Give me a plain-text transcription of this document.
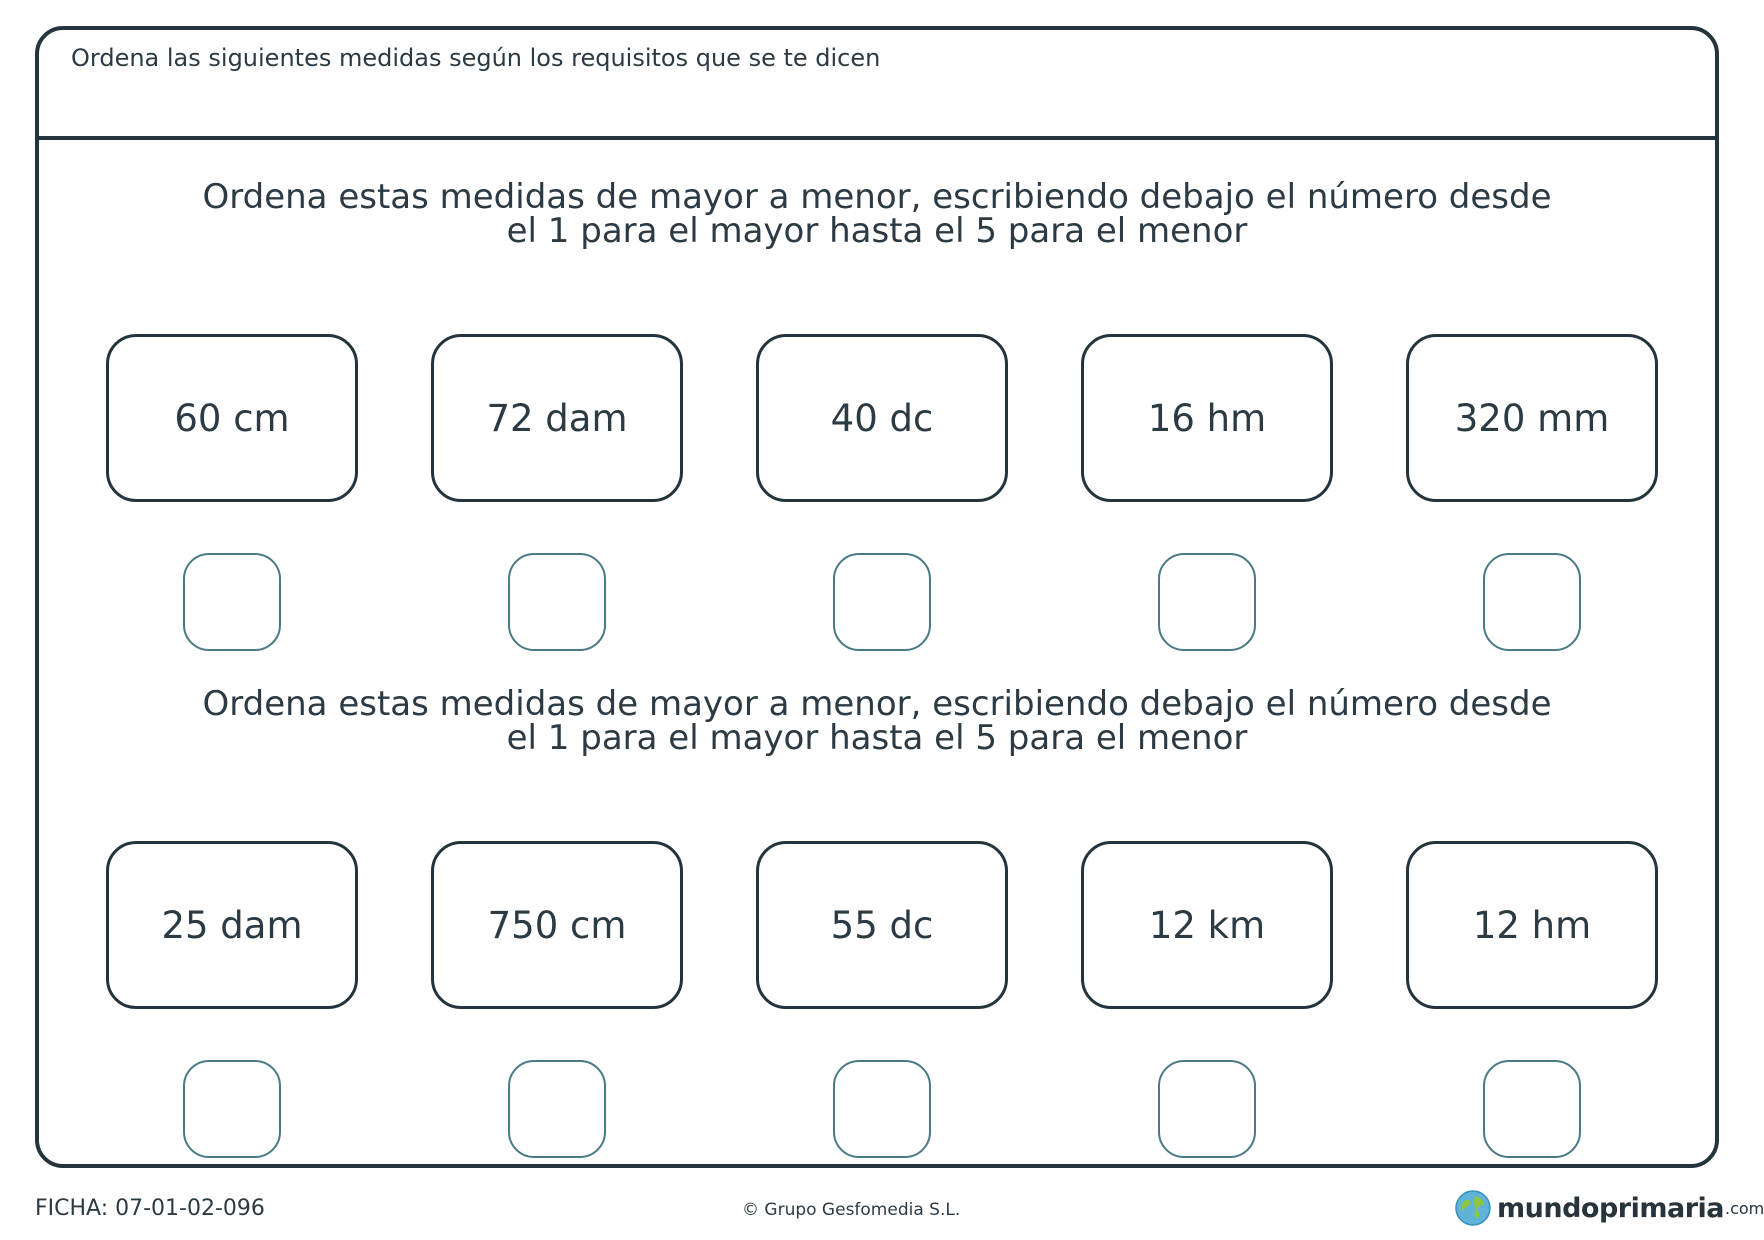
Ordena las siguientes medidas según los requisitos que se te dicen
Ordena estas medidas de mayor a menor, escribiendo debajo el número desde
el 1 para el mayor hasta el 5 para el menor
60 cm	72 dam	40 dc	16 hm	320 mm
Ordena estas medidas de mayor a menor, escribiendo debajo el número desde
el 1 para el mayor hasta el 5 para el menor
25 dam	750 cm	55 dc	12 km	12 hm
FICHA: 07-01-02-096	© Grupo Gesfomedia S.L.	mundoprimaria .com
